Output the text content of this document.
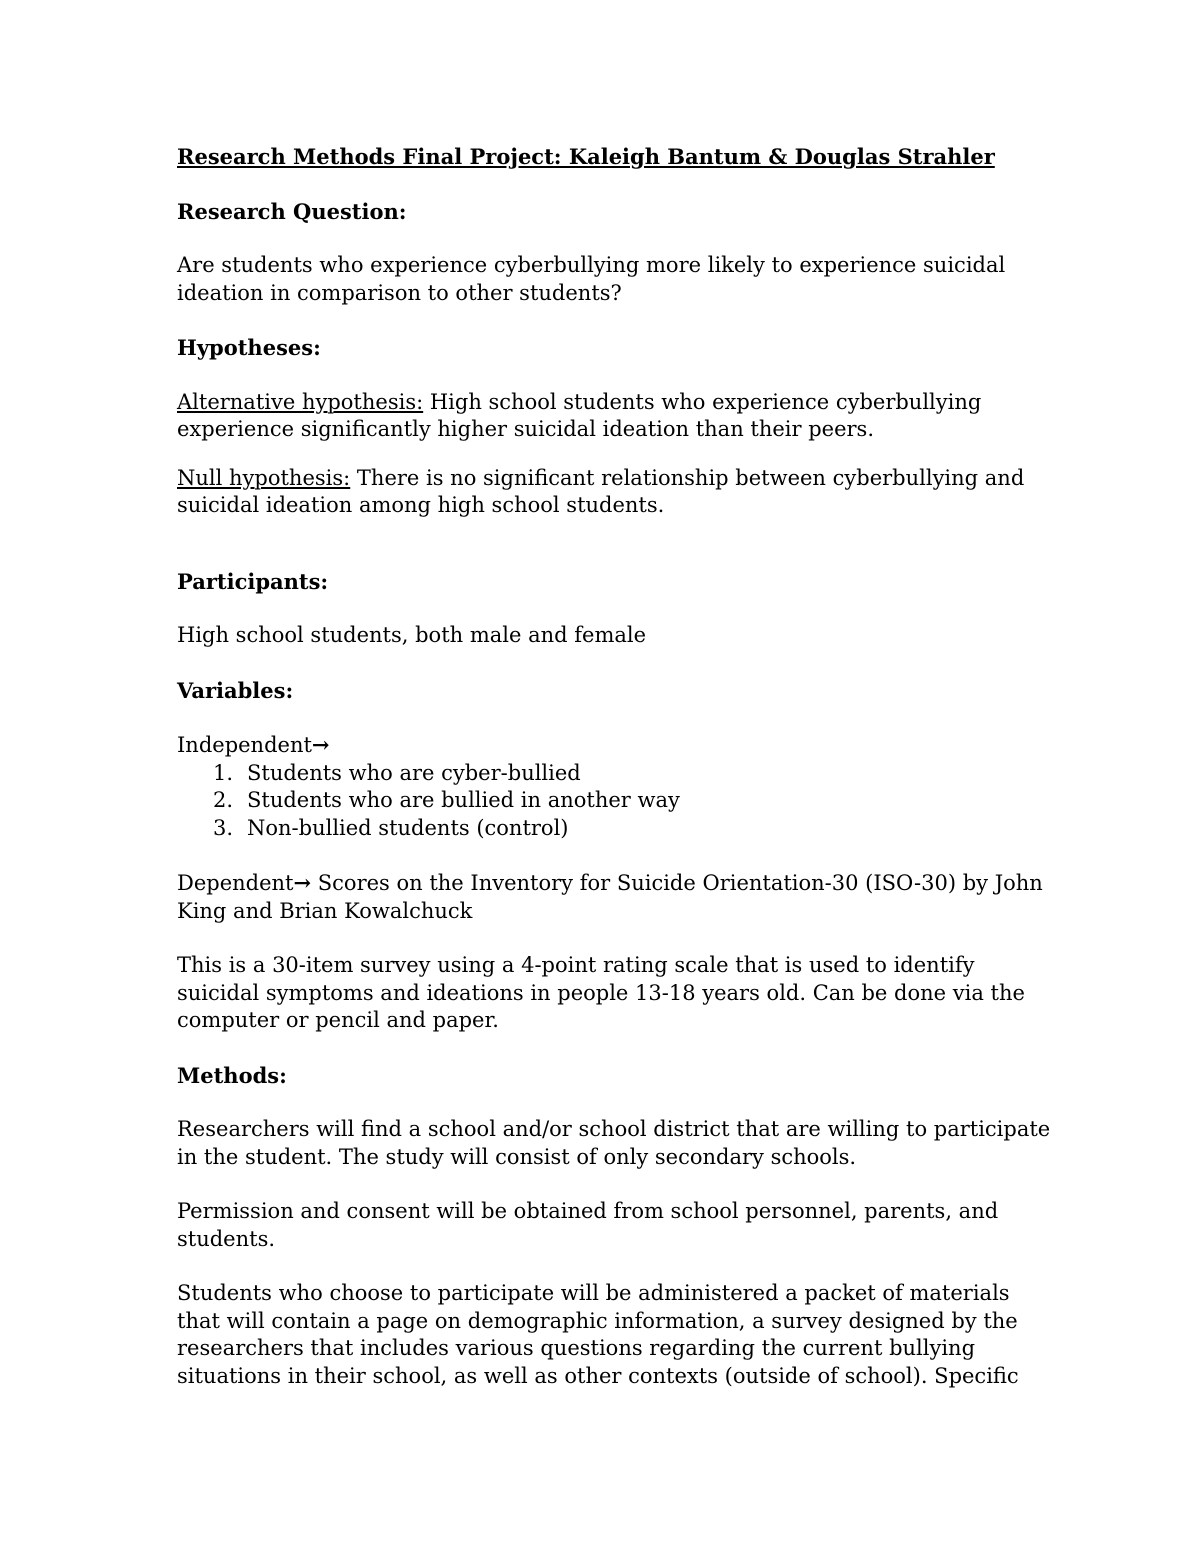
Research Methods Final Project: Kaleigh Bantum & Douglas Strahler
Research Question:

Are students who experience cyberbullying more likely to experience suicidal ideation in comparison to other students?

Hypotheses:

Alternative hypothesis: High school students who experience cyberbullying experience significantly higher suicidal ideation than their peers.

Null hypothesis: There is no significant relationship between cyberbullying and suicidal ideation among high school students.

Participants:

High school students, both male and female

Variables:

Independent→

1. Students who are cyber-bullied
2. Students who are bullied in another way
3. Non-bullied students (control)

Dependent→ Scores on the Inventory for Suicide Orientation-30 (ISO-30) by John King and Brian Kowalchuck

This is a 30-item survey using a 4-point rating scale that is used to identify suicidal symptoms and ideations in people 13-18 years old. Can be done via the computer or pencil and paper.

Methods:

Researchers will find a school and/or school district that are willing to participate in the student. The study will consist of only secondary schools.

Permission and consent will be obtained from school personnel, parents, and students.

Students who choose to participate will be administered a packet of materials that will contain a page on demographic information, a survey designed by the researchers that includes various questions regarding the current bullying situations in their school, as well as other contexts (outside of school). Specific
